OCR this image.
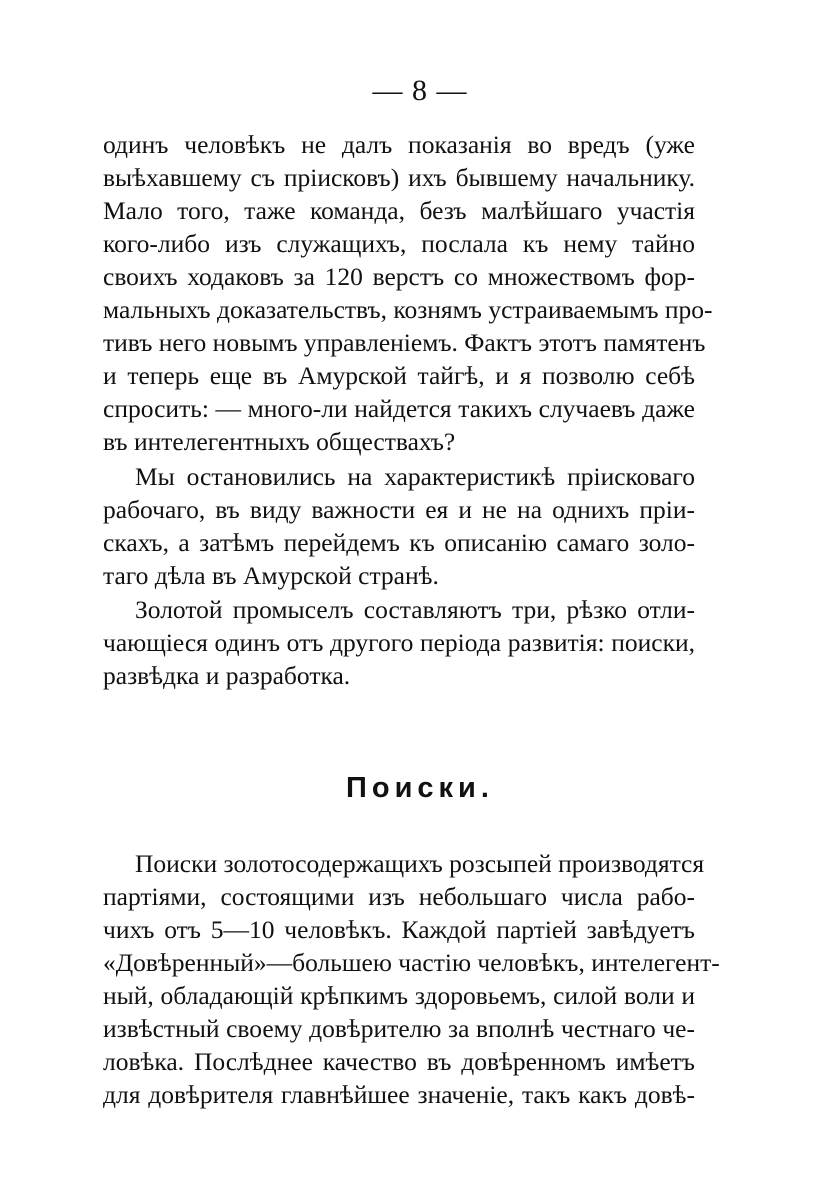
— 8 —
одинъ человѣкъ не далъ показанія во вредъ (уже
выѣхавшему съ пріисковъ) ихъ бывшему начальнику.
Мало того, таже команда, безъ малѣйшаго участія
кого-либо изъ служащихъ, послала къ нему тайно
своихъ ходаковъ за 120 верстъ со множествомъ фор-
мальныхъ доказательствъ, кознямъ устраиваемымъ про-
тивъ него новымъ управленіемъ. Фактъ этотъ памятенъ
и теперь еще въ Амурской тайгѣ, и я позволю себѣ
спросить: — много-ли найдется такихъ случаевъ даже
въ интелегентныхъ обществахъ?
Мы остановились на характеристикѣ пріисковаго
рабочаго, въ виду важности ея и не на однихъ пріи-
скахъ, а затѣмъ перейдемъ къ описанію самаго золо-
таго дѣла въ Амурской странѣ.
Золотой промыселъ составляютъ три, рѣзко отли-
чающіеся одинъ отъ другого періода развитія: поиски,
развѣдка и разработка.
Поиски.
Поиски золотосодержащихъ розсыпей производятся
партіями, состоящими изъ небольшаго числа рабо-
чихъ отъ 5—10 человѣкъ. Каждой партіей завѣдуетъ
«Довѣренный»—большею частію человѣкъ, интелегент-
ный, обладающій крѣпкимъ здоровьемъ, силой воли и
извѣстный своему довѣрителю за вполнѣ честнаго че-
ловѣка. Послѣднее качество въ довѣренномъ имѣетъ
для довѣрителя главнѣйшее значеніе, такъ какъ довѣ-
